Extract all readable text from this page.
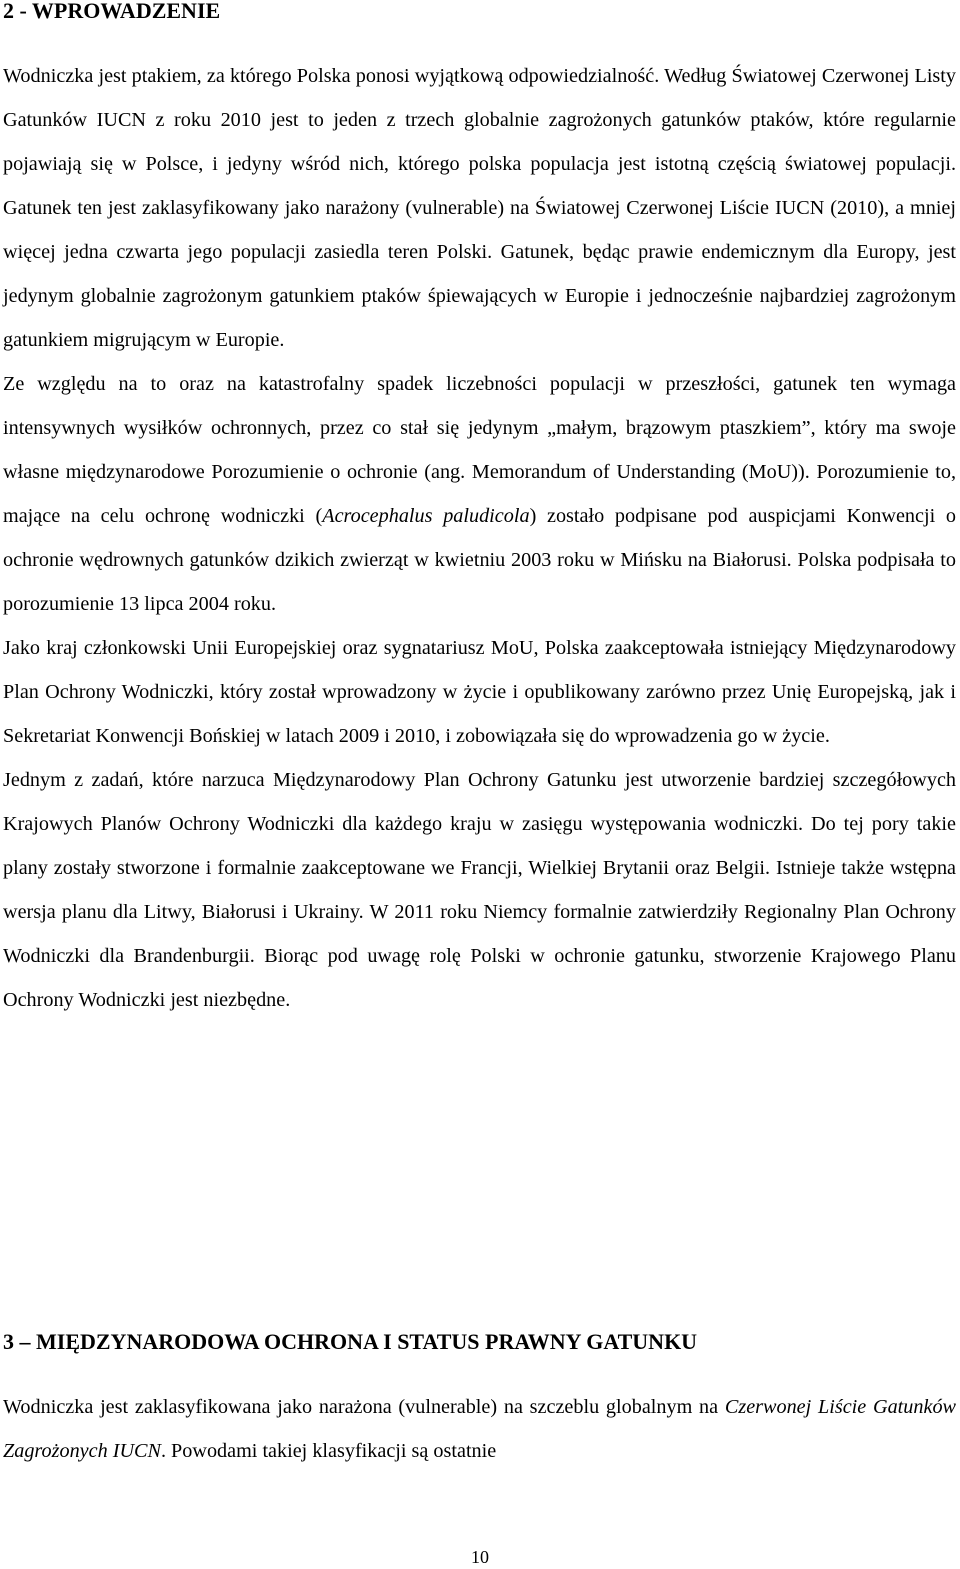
2 - WPROWADZENIE

Wodniczka jest ptakiem, za którego Polska ponosi wyjątkową odpowiedzialność. Według Światowej Czerwonej Listy Gatunków IUCN z roku 2010 jest to jeden z trzech globalnie zagrożonych gatunków ptaków, które regularnie pojawiają się w Polsce, i jedyny wśród nich, którego polska populacja jest istotną częścią światowej populacji. Gatunek ten jest zaklasyfikowany jako narażony (vulnerable) na Światowej Czerwonej Liście IUCN (2010), a mniej więcej jedna czwarta jego populacji zasiedla teren Polski. Gatunek, będąc prawie endemicznym dla Europy, jest jedynym globalnie zagrożonym gatunkiem ptaków śpiewających w Europie i jednocześnie najbardziej zagrożonym gatunkiem migrującym w Europie.

Ze względu na to oraz na katastrofalny spadek liczebności populacji w przeszłości, gatunek ten wymaga intensywnych wysiłków ochronnych, przez co stał się jedynym „małym, brązowym ptaszkiem”, który ma swoje własne międzynarodowe Porozumienie o ochronie (ang. Memorandum of Understanding (MoU)). Porozumienie to, mające na celu ochronę wodniczki (Acrocephalus paludicola) zostało podpisane pod auspicjami Konwencji o ochronie wędrownych gatunków dzikich zwierząt w kwietniu 2003 roku w Mińsku na Białorusi. Polska podpisała to porozumienie 13 lipca 2004 roku.

Jako kraj członkowski Unii Europejskiej oraz sygnatariusz MoU, Polska zaakceptowała istniejący Międzynarodowy Plan Ochrony Wodniczki, który został wprowadzony w życie i opublikowany zarówno przez Unię Europejską, jak i Sekretariat Konwencji Bońskiej w latach 2009 i 2010, i zobowiązała się do wprowadzenia go w życie.

Jednym z zadań, które narzuca Międzynarodowy Plan Ochrony Gatunku jest utworzenie bardziej szczegółowych Krajowych Planów Ochrony Wodniczki dla każdego kraju w zasięgu występowania wodniczki. Do tej pory takie plany zostały stworzone i formalnie zaakceptowane we Francji, Wielkiej Brytanii oraz Belgii. Istnieje także wstępna wersja planu dla Litwy, Białorusi i Ukrainy. W 2011 roku Niemcy formalnie zatwierdziły Regionalny Plan Ochrony Wodniczki dla Brandenburgii. Biorąc pod uwagę rolę Polski w ochronie gatunku, stworzenie Krajowego Planu Ochrony Wodniczki jest niezbędne.

3 – MIĘDZYNARODOWA OCHRONA I STATUS PRAWNY GATUNKU

Wodniczka jest zaklasyfikowana jako narażona (vulnerable) na szczeblu globalnym na Czerwonej Liście Gatunków Zagrożonych IUCN. Powodami takiej klasyfikacji są ostatnie

10
